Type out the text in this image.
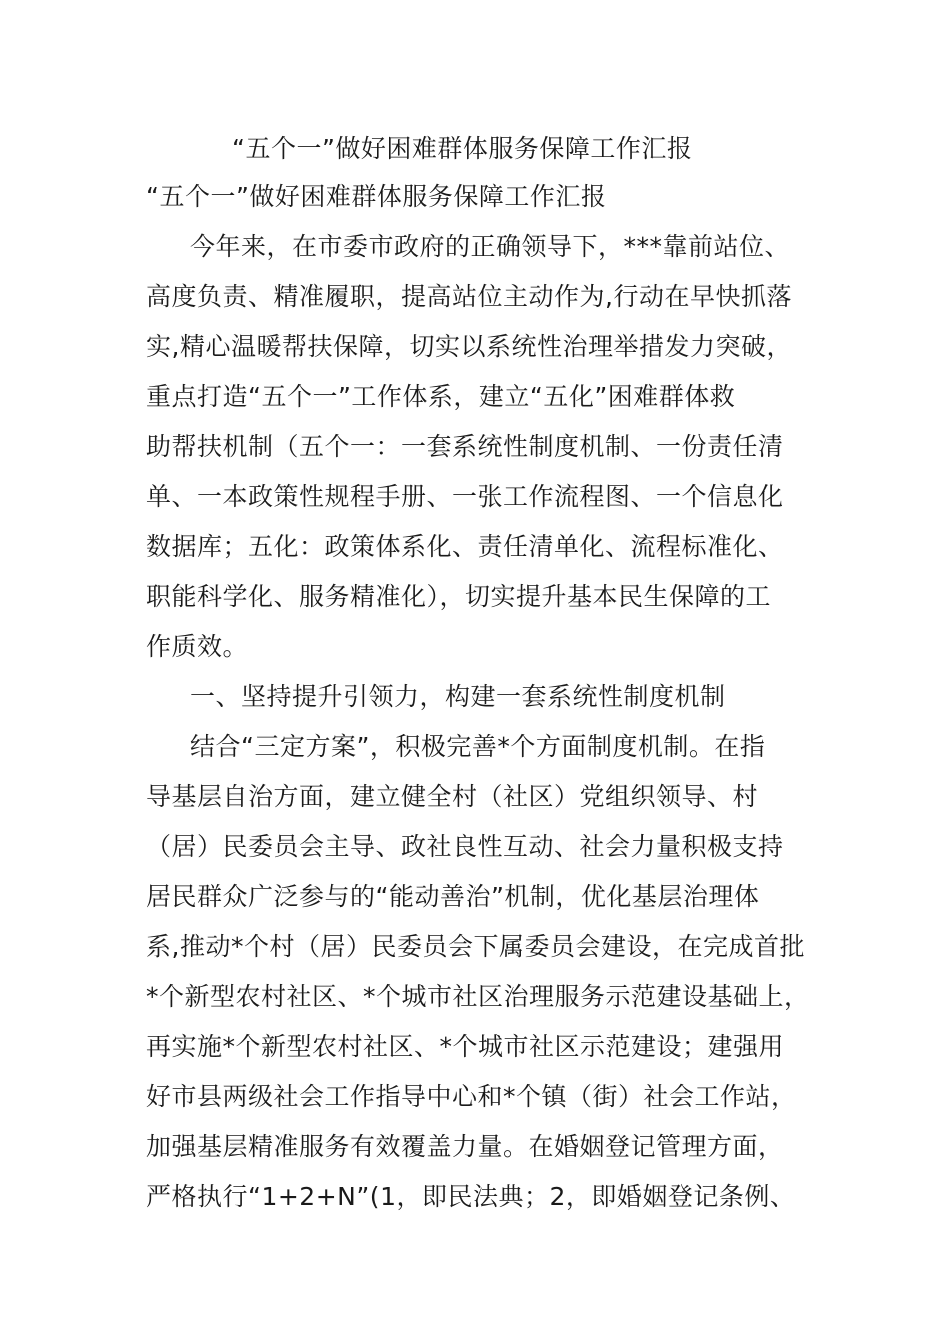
“五个一”做好困难群体服务保障工作汇报
“五个一”做好困难群体服务保障工作汇报
今年来，在市委市政府的正确领导下，***靠前站位、
高度负责、精准履职，提高站位主动作为,行动在早快抓落
实,精心温暖帮扶保障，切实以系统性治理举措发力突破，
重点打造“五个一”工作体系，建立“五化”困难群体救
助帮扶机制（五个一：一套系统性制度机制、一份责任清
单、一本政策性规程手册、一张工作流程图、一个信息化
数据库；五化：政策体系化、责任清单化、流程标准化、
职能科学化、服务精准化），切实提升基本民生保障的工
作质效。
一、坚持提升引领力，构建一套系统性制度机制
结合“三定方案”，积极完善*个方面制度机制。在指
导基层自治方面，建立健全村（社区）党组织领导、村
（居）民委员会主导、政社良性互动、社会力量积极支持
居民群众广泛参与的“能动善治”机制，优化基层治理体
系,推动*个村（居）民委员会下属委员会建设，在完成首批
*个新型农村社区、*个城市社区治理服务示范建设基础上，
再实施*个新型农村社区、*个城市社区示范建设；建强用
好市县两级社会工作指导中心和*个镇（街）社会工作站，
加强基层精准服务有效覆盖力量。在婚姻登记管理方面，
严格执行“1+2+N”(1，即民法典；2，即婚姻登记条例、
